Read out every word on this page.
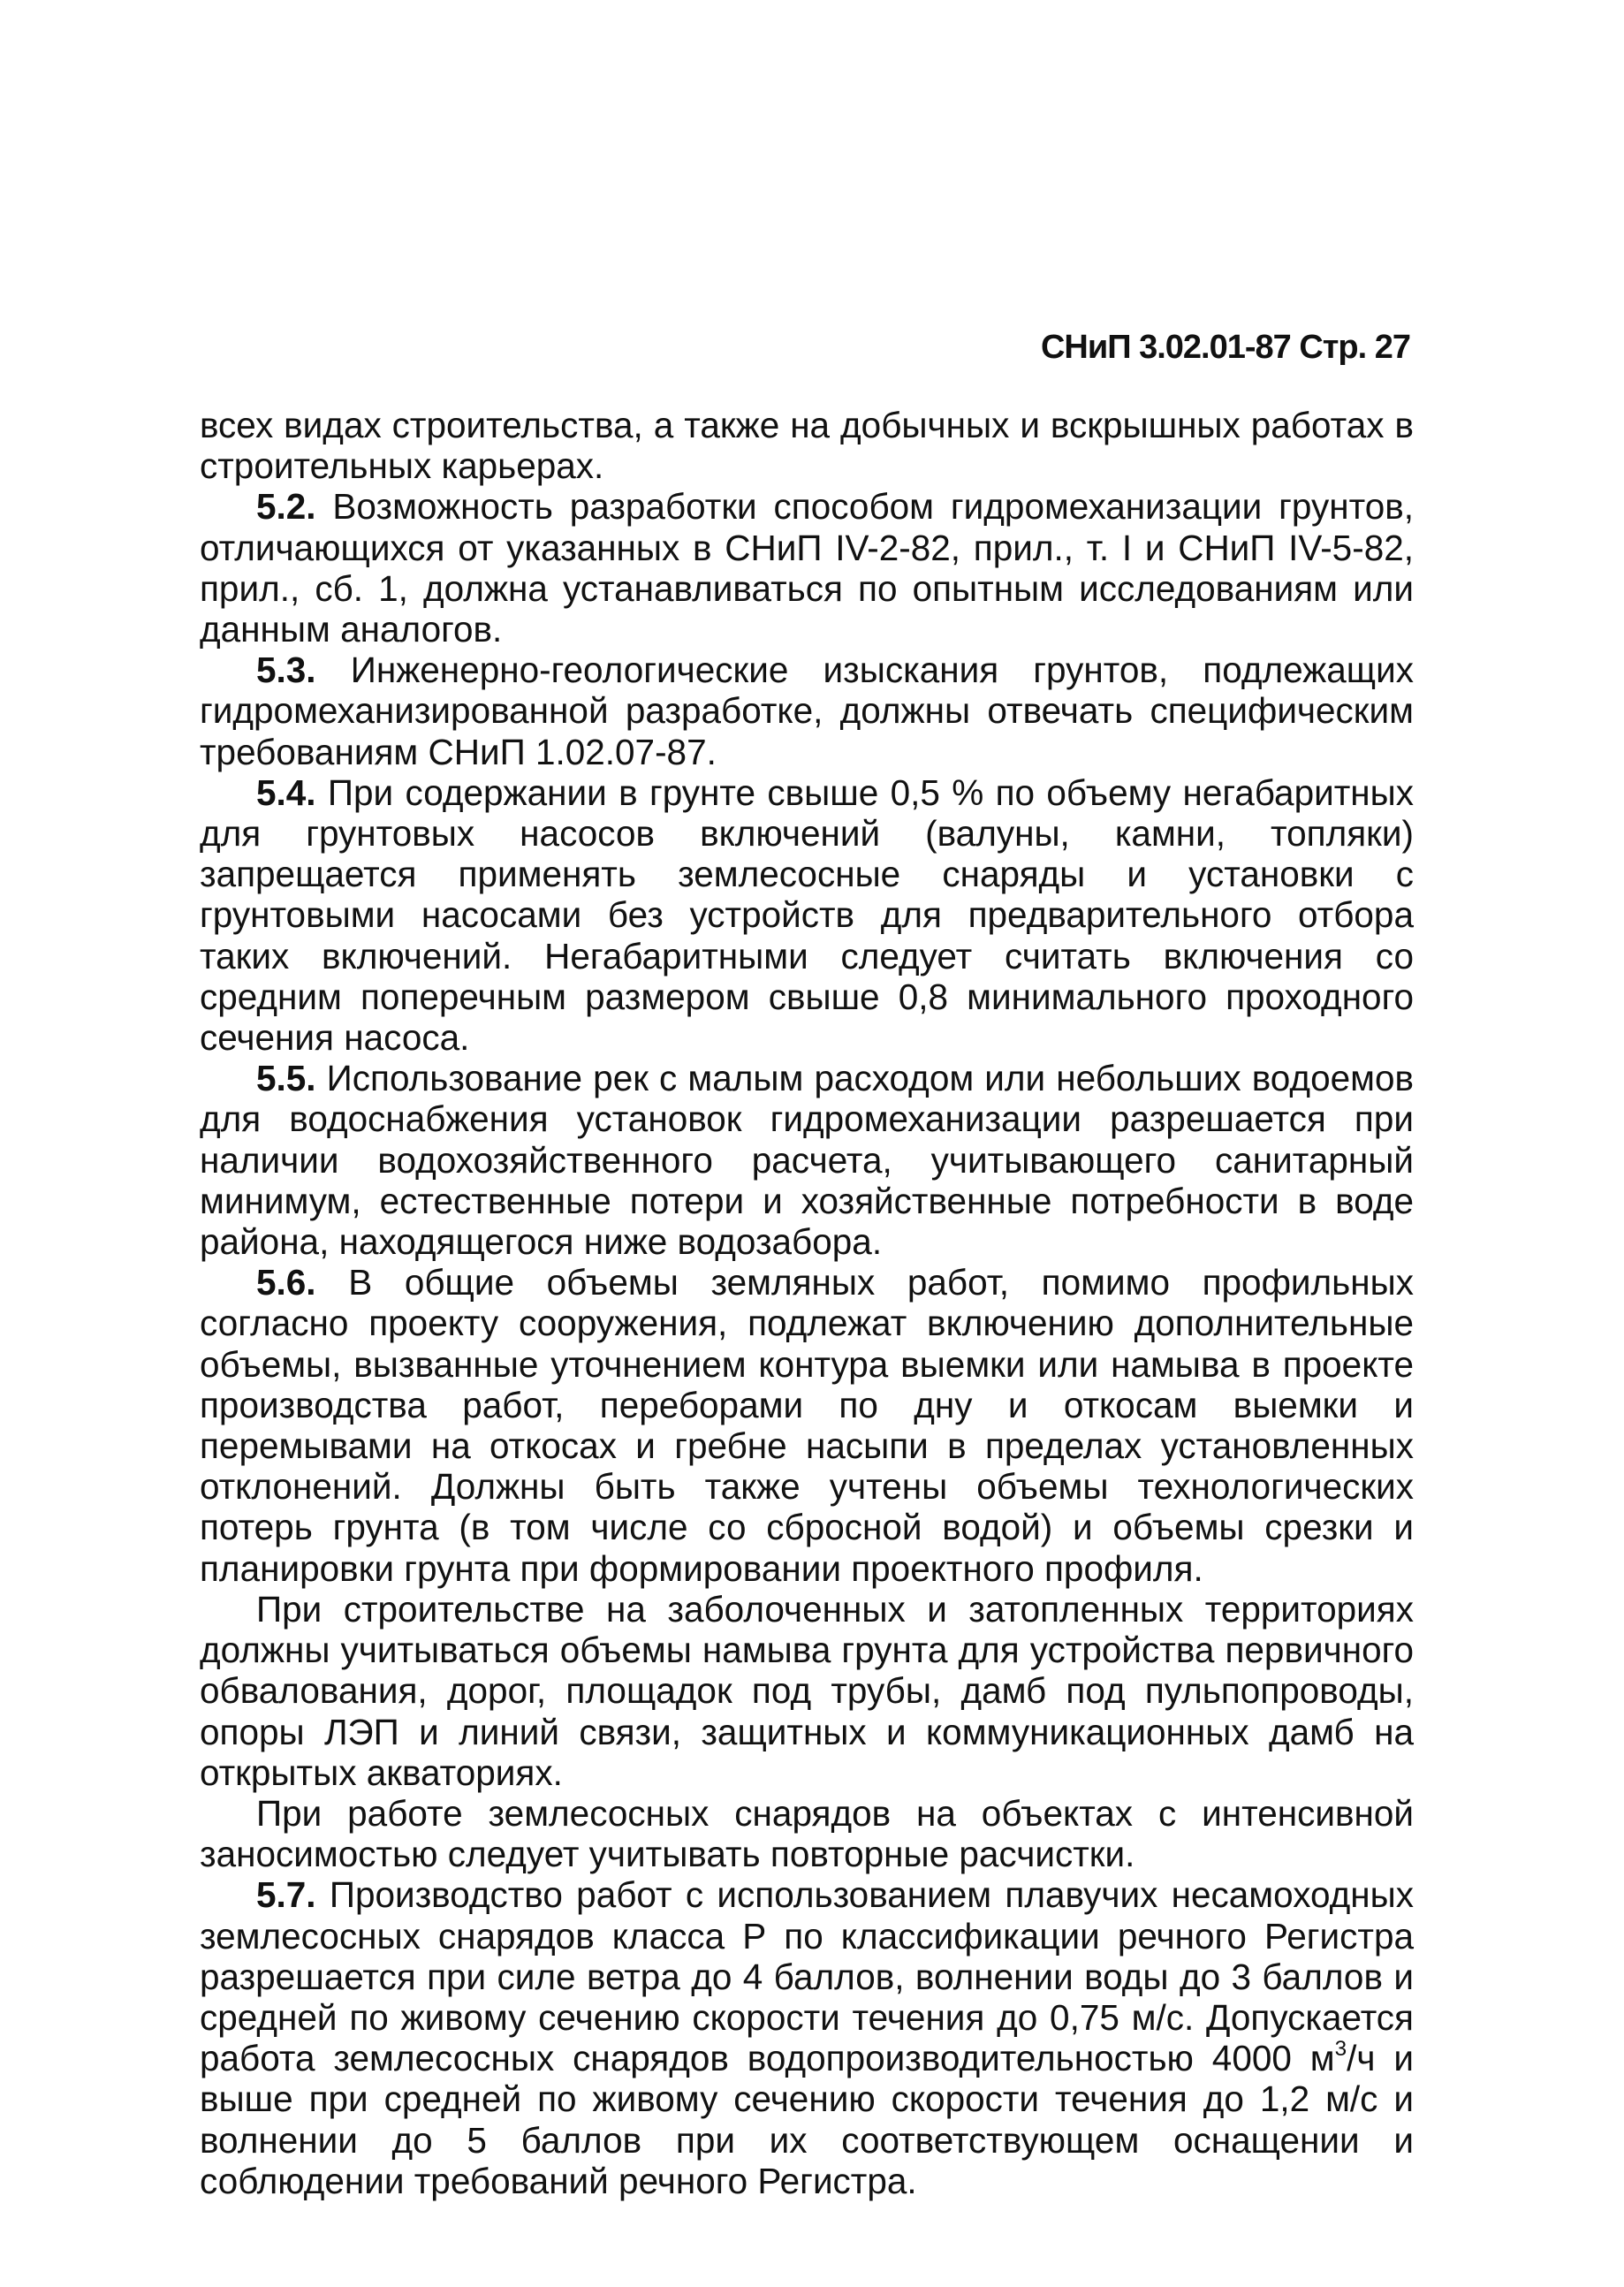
СНиП 3.02.01-87 Стр. 27

всех видах строительства, а также на добычных и вскрышных работах в строительных карьерах.

5.2. Возможность разработки способом гидромеханизации грунтов, отличающихся от указанных в СНиП IV-2-82, прил., т. I и СНиП IV-5-82, прил., сб. 1, должна устанавливаться по опытным исследованиям или данным аналогов.

5.3. Инженерно-геологические изыскания грунтов, подлежащих гидромеханизированной разработке, должны отвечать специфическим требованиям СНиП 1.02.07-87.

5.4. При содержании в грунте свыше 0,5 % по объему негабаритных для грунтовых насосов включений (валуны, камни, топляки) запрещается применять землесосные снаряды и установки с грунтовыми насосами без устройств для предварительного отбора таких включений. Негабаритными следует считать включения со средним поперечным размером свыше 0,8 минимального проходного сечения насоса.

5.5. Использование рек с малым расходом или небольших водоемов для водоснабжения установок гидромеханизации разрешается при наличии водохозяйственного расчета, учитывающего санитарный минимум, естественные потери и хозяйственные потребности в воде района, находящегося ниже водозабора.

5.6. В общие объемы земляных работ, помимо профильных согласно проекту сооружения, подлежат включению дополнительные объемы, вызванные уточнением контура выемки или намыва в проекте производства работ, переборами по дну и откосам выемки и перемывами на откосах и гребне насыпи в пределах установленных отклонений. Должны быть также учтены объемы технологических потерь грунта (в том числе со сбросной водой) и объемы срезки и планировки грунта при формировании проектного профиля.

При строительстве на заболоченных и затопленных территориях должны учитываться объемы намыва грунта для устройства первичного обвалования, дорог, площадок под трубы, дамб под пульпопроводы, опоры ЛЭП и линий связи, защитных и коммуникационных дамб на открытых акваториях.

При работе землесосных снарядов на объектах с интенсивной заносимостью следует учитывать повторные расчистки.

5.7. Производство работ с использованием плавучих несамоходных землесосных снарядов класса Р по классификации речного Регистра разрешается при силе ветра до 4 баллов, волнении воды до 3 баллов и средней по живому сечению скорости течения до 0,75 м/с. Допускается работа землесосных снарядов водопроизводительностью 4000 $м^3/ч$ и выше при средней по живому сечению скорости течения до 1,2 м/с и волнении до 5 баллов при их соответствующем оснащении и соблюдении требований речного Регистра.
